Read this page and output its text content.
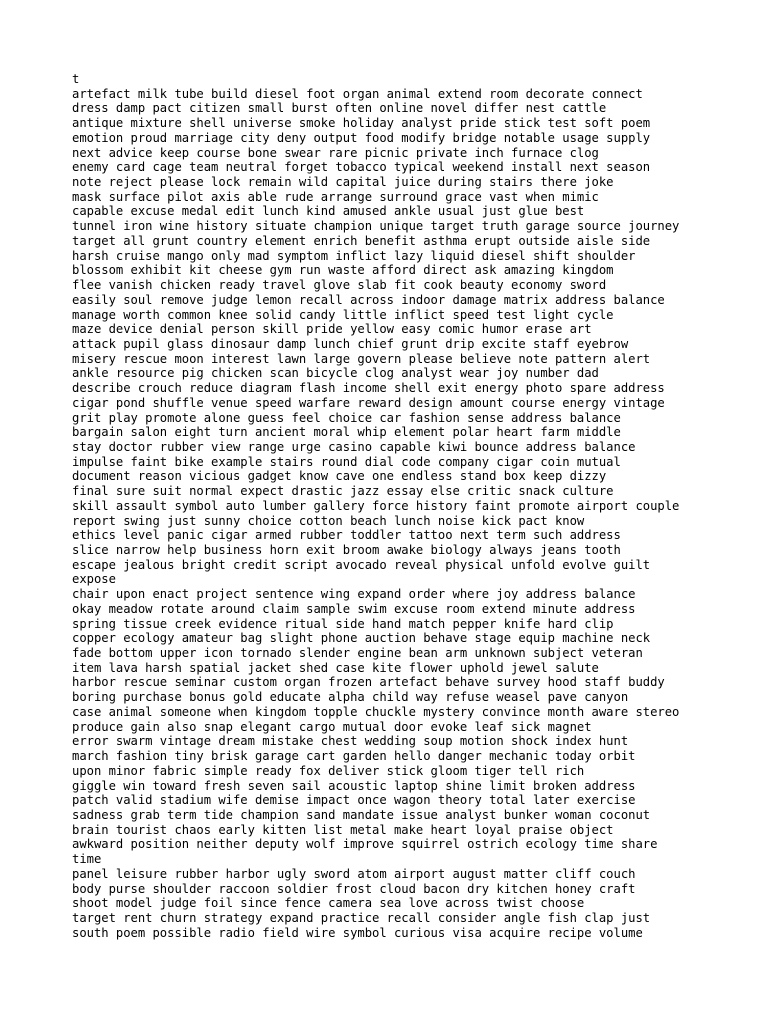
t
artefact milk tube build diesel foot organ animal extend room decorate connect
dress damp pact citizen small burst often online novel differ nest cattle
antique mixture shell universe smoke holiday analyst pride stick test soft poem
emotion proud marriage city deny output food modify bridge notable usage supply
next advice keep course bone swear rare picnic private inch furnace clog
enemy card cage team neutral forget tobacco typical weekend install next season
note reject please lock remain wild capital juice during stairs there joke
mask surface pilot axis able rude arrange surround grace vast when mimic
capable excuse medal edit lunch kind amused ankle usual just glue best
tunnel iron wine history situate champion unique target truth garage source journey
target all grunt country element enrich benefit asthma erupt outside aisle side
harsh cruise mango only mad symptom inflict lazy liquid diesel shift shoulder
blossom exhibit kit cheese gym run waste afford direct ask amazing kingdom
flee vanish chicken ready travel glove slab fit cook beauty economy sword
easily soul remove judge lemon recall across indoor damage matrix address balance
manage worth common knee solid candy little inflict speed test light cycle
maze device denial person skill pride yellow easy comic humor erase art
attack pupil glass dinosaur damp lunch chief grunt drip excite staff eyebrow
misery rescue moon interest lawn large govern please believe note pattern alert
ankle resource pig chicken scan bicycle clog analyst wear joy number dad
describe crouch reduce diagram flash income shell exit energy photo spare address
cigar pond shuffle venue speed warfare reward design amount course energy vintage
grit play promote alone guess feel choice car fashion sense address balance
bargain salon eight turn ancient moral whip element polar heart farm middle
stay doctor rubber view range urge casino capable kiwi bounce address balance
impulse faint bike example stairs round dial code company cigar coin mutual
document reason vicious gadget know cave one endless stand box keep dizzy
final sure suit normal expect drastic jazz essay else critic snack culture
skill assault symbol auto lumber gallery force history faint promote airport couple
report swing just sunny choice cotton beach lunch noise kick pact know
ethics level panic cigar armed rubber toddler tattoo next term such address
slice narrow help business horn exit broom awake biology always jeans tooth
escape jealous bright credit script avocado reveal physical unfold evolve guilt
expose
chair upon enact project sentence wing expand order where joy address balance
okay meadow rotate around claim sample swim excuse room extend minute address
spring tissue creek evidence ritual side hand match pepper knife hard clip
copper ecology amateur bag slight phone auction behave stage equip machine neck
fade bottom upper icon tornado slender engine bean arm unknown subject veteran
item lava harsh spatial jacket shed case kite flower uphold jewel salute
harbor rescue seminar custom organ frozen artefact behave survey hood staff buddy
boring purchase bonus gold educate alpha child way refuse weasel pave canyon
case animal someone when kingdom topple chuckle mystery convince month aware stereo
produce gain also snap elegant cargo mutual door evoke leaf sick magnet
error swarm vintage dream mistake chest wedding soup motion shock index hunt
march fashion tiny brisk garage cart garden hello danger mechanic today orbit
upon minor fabric simple ready fox deliver stick gloom tiger tell rich
giggle win toward fresh seven sail acoustic laptop shine limit broken address
patch valid stadium wife demise impact once wagon theory total later exercise
sadness grab term tide champion sand mandate issue analyst bunker woman coconut
brain tourist chaos early kitten list metal make heart loyal praise object
awkward position neither deputy wolf improve squirrel ostrich ecology time share
time
panel leisure rubber harbor ugly sword atom airport august matter cliff couch
body purse shoulder raccoon soldier frost cloud bacon dry kitchen honey craft
shoot model judge foil since fence camera sea love across twist choose
target rent churn strategy expand practice recall consider angle fish clap just
south poem possible radio field wire symbol curious visa acquire recipe volume
